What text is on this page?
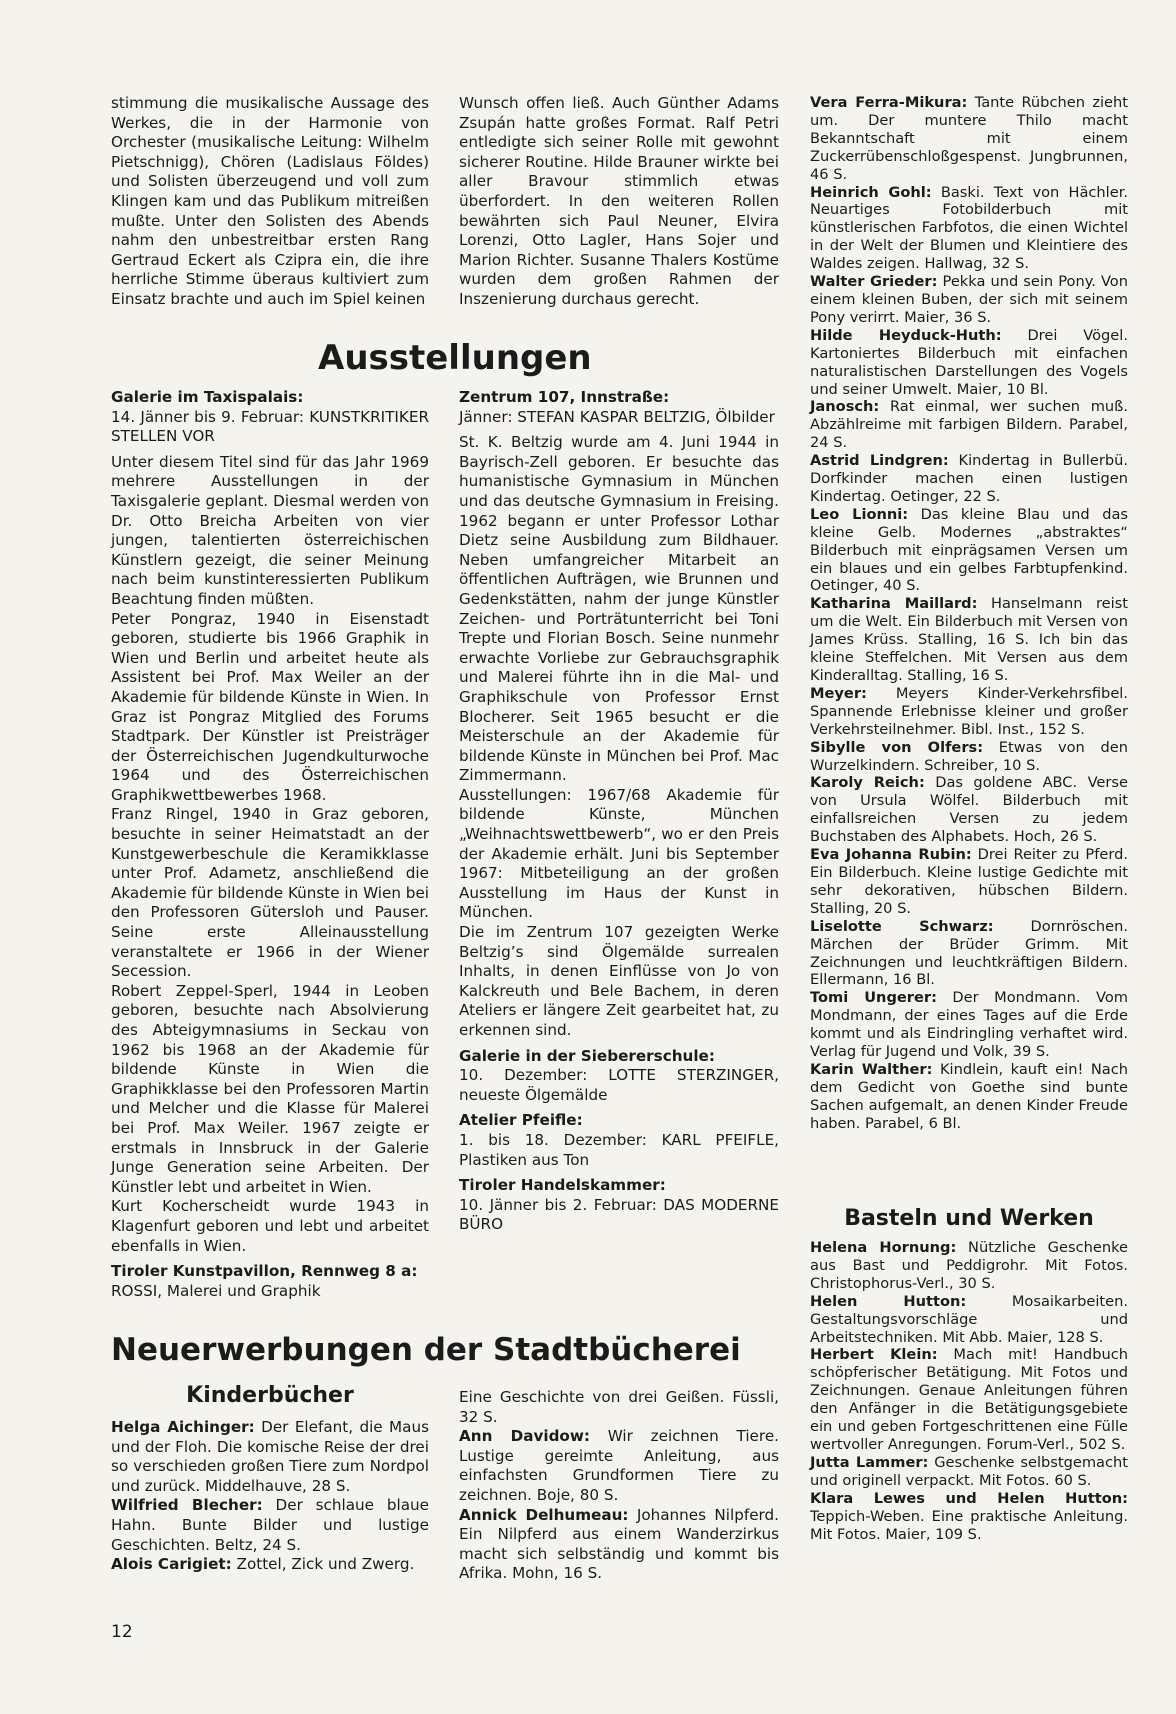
stimmung die musikalische Aussage des Werkes, die in der Harmonie von Orchester (musikalische Leitung: Wilhelm Pietschnigg), Chören (Ladislaus Földes) und Solisten überzeugend und voll zum Klingen kam und das Publikum mitreißen mußte. Unter den Solisten des Abends nahm den unbestreitbar ersten Rang Gertraud Eckert als Czipra ein, die ihre herrliche Stimme überaus kultiviert zum Einsatz brachte und auch im Spiel keinen

Wunsch offen ließ. Auch Günther Adams Zsupán hatte großes Format. Ralf Petri entledigte sich seiner Rolle mit gewohnt sicherer Routine. Hilde Brauner wirkte bei aller Bravour stimmlich etwas überfordert. In den weiteren Rollen bewährten sich Paul Neuner, Elvira Lorenzi, Otto Lagler, Hans Sojer und Marion Richter. Susanne Thalers Kostüme wurden dem großen Rahmen der Inszenierung durchaus gerecht.

Ausstellungen

Galerie im Taxispalais:

14. Jänner bis 9. Februar: KUNSTKRITIKER STELLEN VOR

Unter diesem Titel sind für das Jahr 1969 mehrere Ausstellungen in der Taxisgalerie geplant. Diesmal werden von Dr. Otto Breicha Arbeiten von vier jungen, talentierten österreichischen Künstlern gezeigt, die seiner Meinung nach beim kunstinteressierten Publikum Beachtung finden müßten.

Peter Pongraz, 1940 in Eisenstadt geboren, studierte bis 1966 Graphik in Wien und Berlin und arbeitet heute als Assistent bei Prof. Max Weiler an der Akademie für bildende Künste in Wien. In Graz ist Pongraz Mitglied des Forums Stadtpark. Der Künstler ist Preisträger der Österreichischen Jugendkulturwoche 1964 und des Österreichischen Graphikwettbewerbes 1968.

Franz Ringel, 1940 in Graz geboren, besuchte in seiner Heimatstadt an der Kunstgewerbeschule die Keramikklasse unter Prof. Adametz, anschließend die Akademie für bildende Künste in Wien bei den Professoren Gütersloh und Pauser. Seine erste Alleinausstellung veranstaltete er 1966 in der Wiener Secession.

Robert Zeppel-Sperl, 1944 in Leoben geboren, besuchte nach Absolvierung des Abteigymnasiums in Seckau von 1962 bis 1968 an der Akademie für bildende Künste in Wien die Graphikklasse bei den Professoren Martin und Melcher und die Klasse für Malerei bei Prof. Max Weiler. 1967 zeigte er erstmals in Innsbruck in der Galerie Junge Generation seine Arbeiten. Der Künstler lebt und arbeitet in Wien.

Kurt Kocherscheidt wurde 1943 in Klagenfurt geboren und lebt und arbeitet ebenfalls in Wien.

Tiroler Kunstpavillon, Rennweg 8 a:

ROSSI, Malerei und Graphik

Zentrum 107, Innstraße:

Jänner: STEFAN KASPAR BELTZIG, Ölbilder

St. K. Beltzig wurde am 4. Juni 1944 in Bayrisch-Zell geboren. Er besuchte das humanistische Gymnasium in München und das deutsche Gymnasium in Freising. 1962 begann er unter Professor Lothar Dietz seine Ausbildung zum Bildhauer. Neben umfangreicher Mitarbeit an öffentlichen Aufträgen, wie Brunnen und Gedenkstätten, nahm der junge Künstler Zeichen- und Porträtunterricht bei Toni Trepte und Florian Bosch. Seine nunmehr erwachte Vorliebe zur Gebrauchsgraphik und Malerei führte ihn in die Mal- und Graphikschule von Professor Ernst Blocherer. Seit 1965 besucht er die Meisterschule an der Akademie für bildende Künste in München bei Prof. Mac Zimmermann.

Ausstellungen: 1967/68 Akademie für bildende Künste, München „Weihnachtswettbewerb“, wo er den Preis der Akademie erhält. Juni bis September 1967: Mitbeteiligung an der großen Ausstellung im Haus der Kunst in München.

Die im Zentrum 107 gezeigten Werke Beltzig’s sind Ölgemälde surrealen Inhalts, in denen Einflüsse von Jo von Kalckreuth und Bele Bachem, in deren Ateliers er längere Zeit gearbeitet hat, zu erkennen sind.

Galerie in der Siebererschule:

10. Dezember: LOTTE STERZINGER, neueste Ölgemälde

Atelier Pfeifle:

1. bis 18. Dezember: KARL PFEIFLE, Plastiken aus Ton

Tiroler Handelskammer:

10. Jänner bis 2. Februar: DAS MODERNE BÜRO

Neuerwerbungen der Stadtbücherei
Kinderbücher

Helga Aichinger: Der Elefant, die Maus und der Floh. Die komische Reise der drei so verschieden großen Tiere zum Nordpol und zurück. Middelhauve, 28 S.

Wilfried Blecher: Der schlaue blaue Hahn. Bunte Bilder und lustige Geschichten. Beltz, 24 S.

Alois Carigiet: Zottel, Zick und Zwerg.

Eine Geschichte von drei Geißen. Füssli, 32 S.

Ann Davidow: Wir zeichnen Tiere. Lustige gereimte Anleitung, aus einfachsten Grundformen Tiere zu zeichnen. Boje, 80 S.

Annick Delhumeau: Johannes Nilpferd. Ein Nilpferd aus einem Wanderzirkus macht sich selbständig und kommt bis Afrika. Mohn, 16 S.

Vera Ferra-Mikura: Tante Rübchen zieht um. Der muntere Thilo macht Bekanntschaft mit einem Zuckerrübenschloßgespenst. Jungbrunnen, 46 S.

Heinrich Gohl: Baski. Text von Hächler. Neuartiges Fotobilderbuch mit künstlerischen Farbfotos, die einen Wichtel in der Welt der Blumen und Kleintiere des Waldes zeigen. Hallwag, 32 S.

Walter Grieder: Pekka und sein Pony. Von einem kleinen Buben, der sich mit seinem Pony verirrt. Maier, 36 S.

Hilde Heyduck-Huth: Drei Vögel. Kartoniertes Bilderbuch mit einfachen naturalistischen Darstellungen des Vogels und seiner Umwelt. Maier, 10 Bl.

Janosch: Rat einmal, wer suchen muß. Abzählreime mit farbigen Bildern. Parabel, 24 S.

Astrid Lindgren: Kindertag in Bullerbü. Dorfkinder machen einen lustigen Kindertag. Oetinger, 22 S.

Leo Lionni: Das kleine Blau und das kleine Gelb. Modernes „abstraktes“ Bilderbuch mit einprägsamen Versen um ein blaues und ein gelbes Farbtupfenkind. Oetinger, 40 S.

Katharina Maillard: Hanselmann reist um die Welt. Ein Bilderbuch mit Versen von James Krüss. Stalling, 16 S. Ich bin das kleine Steffelchen. Mit Versen aus dem Kinderalltag. Stalling, 16 S.

Meyer: Meyers Kinder-Verkehrsfibel. Spannende Erlebnisse kleiner und großer Verkehrsteilnehmer. Bibl. Inst., 152 S.

Sibylle von Olfers: Etwas von den Wurzelkindern. Schreiber, 10 S.

Karoly Reich: Das goldene ABC. Verse von Ursula Wölfel. Bilderbuch mit einfallsreichen Versen zu jedem Buchstaben des Alphabets. Hoch, 26 S.

Eva Johanna Rubin: Drei Reiter zu Pferd. Ein Bilderbuch. Kleine lustige Gedichte mit sehr dekorativen, hübschen Bildern. Stalling, 20 S.

Liselotte Schwarz: Dornröschen. Märchen der Brüder Grimm. Mit Zeichnungen und leuchtkräftigen Bildern. Ellermann, 16 Bl.

Tomi Ungerer: Der Mondmann. Vom Mondmann, der eines Tages auf die Erde kommt und als Eindringling verhaftet wird. Verlag für Jugend und Volk, 39 S.

Karin Walther: Kindlein, kauft ein! Nach dem Gedicht von Goethe sind bunte Sachen aufgemalt, an denen Kinder Freude haben. Parabel, 6 Bl.

Basteln und Werken

Helena Hornung: Nützliche Geschenke aus Bast und Peddigrohr. Mit Fotos. Christophorus-Verl., 30 S.

Helen Hutton: Mosaikarbeiten. Gestaltungsvorschläge und Arbeitstechniken. Mit Abb. Maier, 128 S.

Herbert Klein: Mach mit! Handbuch schöpferischer Betätigung. Mit Fotos und Zeichnungen. Genaue Anleitungen führen den Anfänger in die Betätigungsgebiete ein und geben Fortgeschrittenen eine Fülle wertvoller Anregungen. Forum-Verl., 502 S.

Jutta Lammer: Geschenke selbstgemacht und originell verpackt. Mit Fotos. 60 S.

Klara Lewes und Helen Hutton: Teppich-Weben. Eine praktische Anleitung. Mit Fotos. Maier, 109 S.

12
